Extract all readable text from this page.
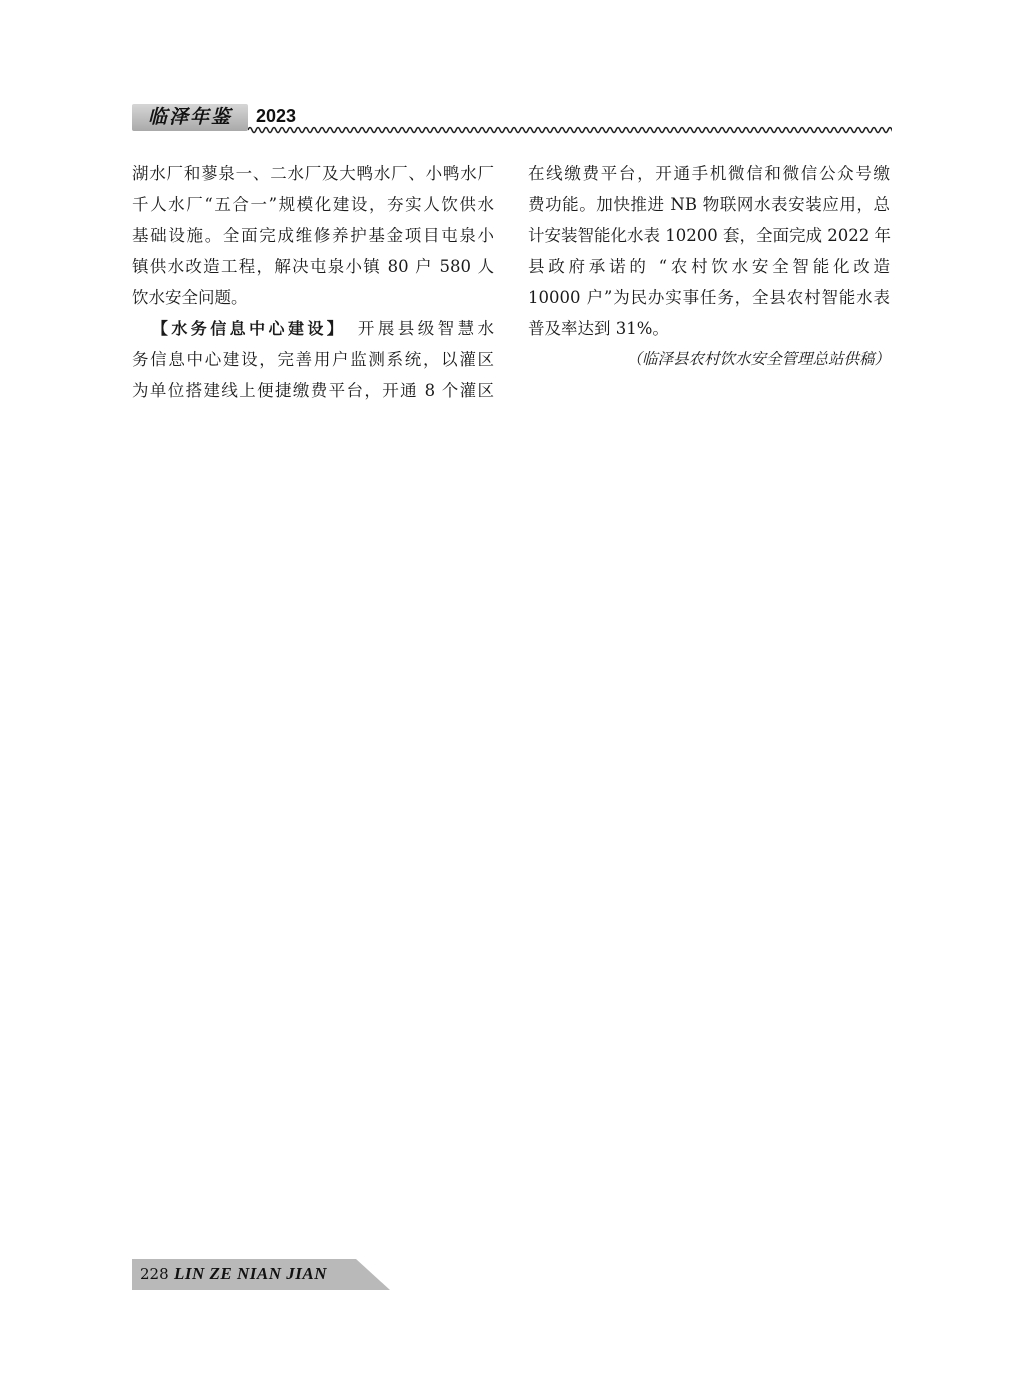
临泽年鉴	2023
湖水厂和蓼泉一、二水厂及大鸭水厂、小鸭水厂
千人水厂“五合一”规模化建设，夯实人饮供水
基础设施。全面完成维修养护基金项目屯泉小
镇供水改造工程，解决屯泉小镇 80 户 580 人
饮水安全问题。
 【水务信息中心建设】  开展县级智慧水
务信息中心建设，完善用户监测系统，以灌区
为单位搭建线上便捷缴费平台，开通 8 个灌区
在线缴费平台，开通手机微信和微信公众号缴
费功能。加快推进 NB 物联网水表安装应用，总
计安装智能化水表 10200 套，全面完成 2022 年
县政府承诺的 “农村饮水安全智能化改造
10000 户”为民办实事任务，全县农村智能水表
普及率达到 31%。
（临泽县农村饮水安全管理总站供稿）
228 LIN ZE NIAN JIAN
